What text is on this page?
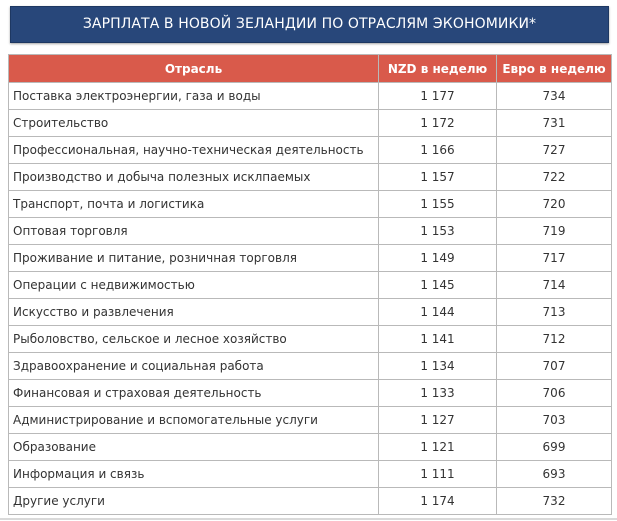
ЗАРПЛАТА В НОВОЙ ЗЕЛАНДИИ ПО ОТРАСЛЯМ ЭКОНОМИКИ*
Отрасль	NZD в неделю	Евро в неделю
Поставка электроэнергии, газа и воды	1 177	734
Строительство	1 172	731
Профессиональная, научно-техническая деятельность	1 166	727
Производство и добыча полезных исклпаемых	1 157	722
Транспорт, почта и логистика	1 155	720
Оптовая торговля	1 153	719
Проживание и питание, розничная торговля	1 149	717
Операции с недвижимостью	1 145	714
Искусство и развлечения	1 144	713
Рыболовство, сельское и лесное хозяйство	1 141	712
Здравоохранение и социальная работа	1 134	707
Финансовая и страховая деятельность	1 133	706
Администрирование и вспомогательные услуги	1 127	703
Образование	1 121	699
Информация и связь	1 111	693
Другие услуги	1 174	732
